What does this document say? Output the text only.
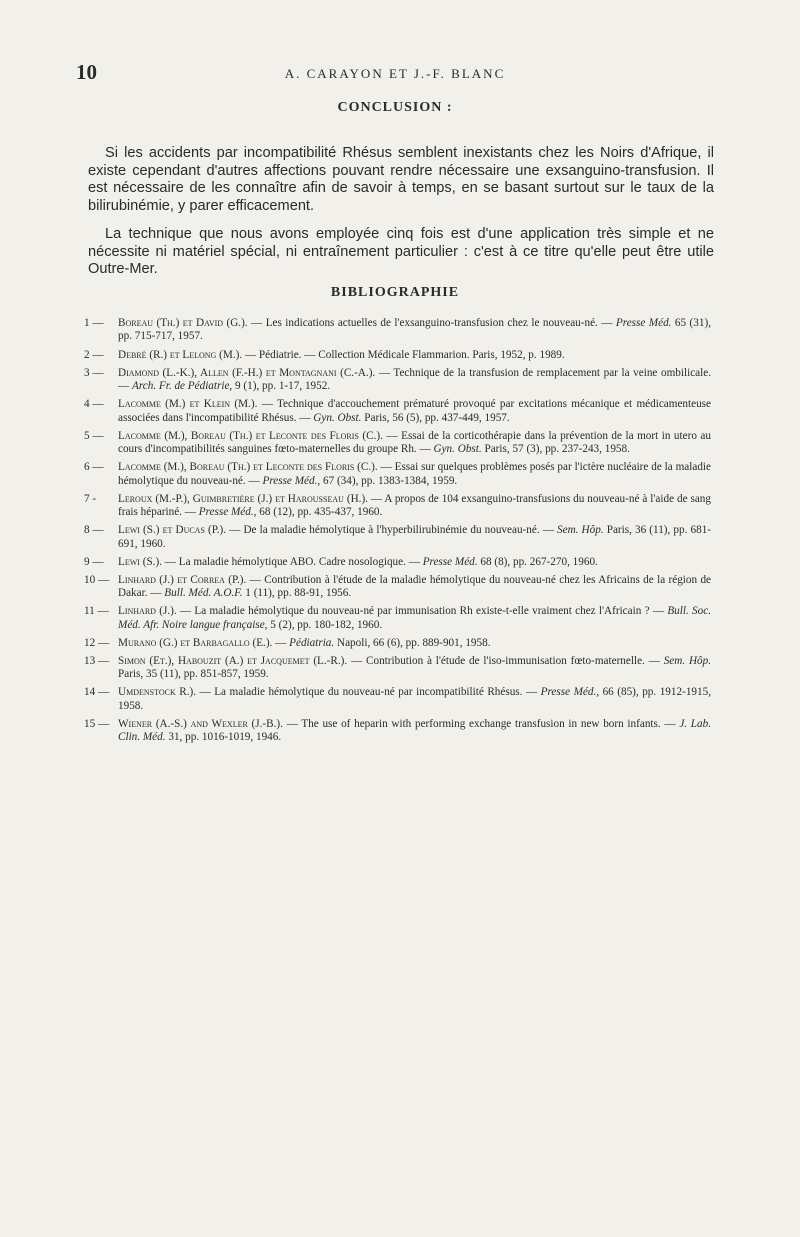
10	A. CARAYON ET J.-F. BLANC
CONCLUSION :

Si les accidents par incompatibilité Rhésus semblent inexistants chez les Noirs d'Afrique, il existe cependant d'autres affections pouvant rendre nécessaire une exsanguino-transfusion. Il est nécessaire de les connaître afin de savoir à temps, en se basant surtout sur le taux de la bilirubinémie, y parer efficacement.

La technique que nous avons employée cinq fois est d'une application très simple et ne nécessite ni matériel spécial, ni entraînement particulier : c'est à ce titre qu'elle peut être utile Outre-Mer.

BIBLIOGRAPHIE
1 —	Boreau (Th.) et David (G.). — Les indications actuelles de l'exsanguino-transfusion chez le nouveau-né. — Presse Méd. 65 (31), pp. 715-717, 1957.
2 —	Debré (R.) et Lelong (M.). — Pédiatrie. — Collection Médicale Flammarion. Paris, 1952, p. 1989.
3 —	Diamond (L.-K.), Allen (F.-H.) et Montagnani (C.-A.). — Technique de la transfusion de remplacement par la veine ombilicale. — Arch. Fr. de Pédiatrie, 9 (1), pp. 1-17, 1952.
4 —	Lacomme (M.) et Klein (M.). — Technique d'accouchement prématuré provoqué par excitations mécanique et médicamenteuse associées dans l'incompatibilité Rhésus. — Gyn. Obst. Paris, 56 (5), pp. 437-449, 1957.
5 —	Lacomme (M.), Boreau (Th.) et Leconte des Floris (C.). — Essai de la corticothérapie dans la prévention de la mort in utero au cours d'incompatibilités sanguines fœto-maternelles du groupe Rh. — Gyn. Obst. Paris, 57 (3), pp. 237-243, 1958.
6 —	Lacomme (M.), Boreau (Th.) et Leconte des Floris (C.). — Essai sur quelques problèmes posés par l'ictère nucléaire de la maladie hémolytique du nouveau-né. — Presse Méd., 67 (34), pp. 1383-1384, 1959.
7 -	Leroux (M.-P.), Guimbretière (J.) et Harousseau (H.). — A propos de 104 exsanguino-transfusions du nouveau-né à l'aide de sang frais hépariné. — Presse Méd., 68 (12), pp. 435-437, 1960.
8 —	Lewi (S.) et Ducas (P.). — De la maladie hémolytique à l'hyperbilirubinémie du nouveau-né. — Sem. Hôp. Paris, 36 (11), pp. 681-691, 1960.
9 —	Lewi (S.). — La maladie hémolytique ABO. Cadre nosologique. — Presse Méd. 68 (8), pp. 267-270, 1960.
10 — Linhard (J.) et Correa (P.). — Contribution à l'étude de la maladie hémolytique du nouveau-né chez les Africains de la région de Dakar. — Bull. Méd. A.O.F. 1 (11), pp. 88-91, 1956.
11 — Linhard (J.). — La maladie hémolytique du nouveau-né par immunisation Rh existe-t-elle vraiment chez l'Africain ? — Bull. Soc. Méd. Afr. Noire langue française, 5 (2), pp. 180-182, 1960.
12 — Murano (G.) et Barbagallo (E.). — Pédiatria. Napoli, 66 (6), pp. 889-901, 1958.
13 — Simon (Et.), Habouzit (A.) et Jacquemet (L.-R.). — Contribution à l'étude de l'iso-immunisation fœto-maternelle. — Sem. Hôp. Paris, 35 (11), pp. 851-857, 1959.
14 — Umdenstock R.). — La maladie hémolytique du nouveau-né par incompatibilité Rhésus. — Presse Méd., 66 (85), pp. 1912-1915, 1958.
15 — Wiener (A.-S.) and Wexler (J.-B.). — The use of heparin with performing exchange transfusion in new born infants. — J. Lab. Clin. Méd. 31, pp. 1016-1019, 1946.
